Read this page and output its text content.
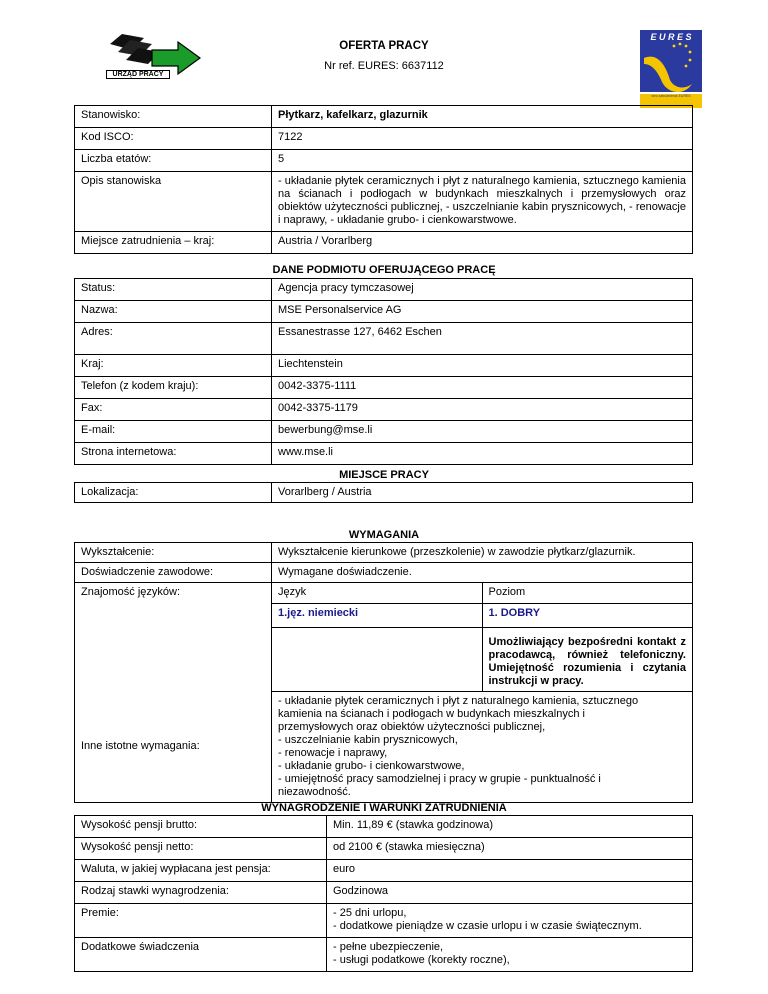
URZĄD PRACY
OFERTA PRACY
Nr ref. EURES: 6637112
E U R E S
sieć zatrudnienia EURES
Stanowisko:	Płytkarz, kafelkarz, glazurnik
Kod ISCO:	7122
Liczba etatów:	5
Opis stanowiska	- układanie płytek ceramicznych i płyt z naturalnego kamienia, sztucznego kamienia na ścianach i podłogach w budynkach mieszkalnych i przemysłowych oraz obiektów użyteczności publicznej, - uszczelnianie kabin prysznicowych, - renowacje i naprawy, - układanie grubo- i cienkowarstwowe.
Miejsce zatrudnienia – kraj:	Austria / Vorarlberg
DANE PODMIOTU OFERUJĄCEGO PRACĘ
Status:	Agencja pracy tymczasowej
Nazwa:	MSE Personalservice AG
Adres:	Essanestrasse 127, 6462 Eschen
Kraj:	Liechtenstein
Telefon (z kodem kraju):	0042-3375-1111
Fax:	0042-3375-1179
E-mail:	bewerbung@mse.li
Strona internetowa:	www.mse.li
MIEJSCE PRACY
Lokalizacja:	Vorarlberg / Austria
WYMAGANIA
Wykształcenie:	Wykształcenie kierunkowe (przeszkolenie) w zawodzie płytkarz/glazurnik.
Doświadczenie zawodowe:	Wymagane doświadczenie.
Znajomość języków:		Język	Poziom
1.jęz. niemiecki	1. DOBRY
	Umożliwiający bezpośredni kontakt z pracodawcą, również telefoniczny. Umiejętność rozumienia i czytania instrukcji w pracy.

Inne istotne wymagania:	
- układanie płytek ceramicznych i płyt z naturalnego kamienia, sztucznego
kamienia na ścianach i podłogach w budynkach mieszkalnych i
przemysłowych oraz obiektów użyteczności publicznej,
- uszczelnianie kabin prysznicowych,
- renowacje i naprawy,
- układanie grubo- i cienkowarstwowe,
- umiejętność pracy samodzielnej i pracy w grupie - punktualność i
niezawodność.
WYNAGRODZENIE I WARUNKI ZATRUDNIENIA
Wysokość pensji brutto:	Min. 11,89 € (stawka godzinowa)
Wysokość pensji netto:	od 2100 € (stawka miesięczna)
Waluta, w jakiej wypłacana jest pensja:	euro
Rodzaj stawki wynagrodzenia:	Godzinowa
Premie:	- 25 dni urlopu,
- dodatkowe pieniądze w czasie urlopu i w czasie świątecznym.
Dodatkowe świadczenia	- pełne ubezpieczenie,
- usługi podatkowe (korekty roczne),
